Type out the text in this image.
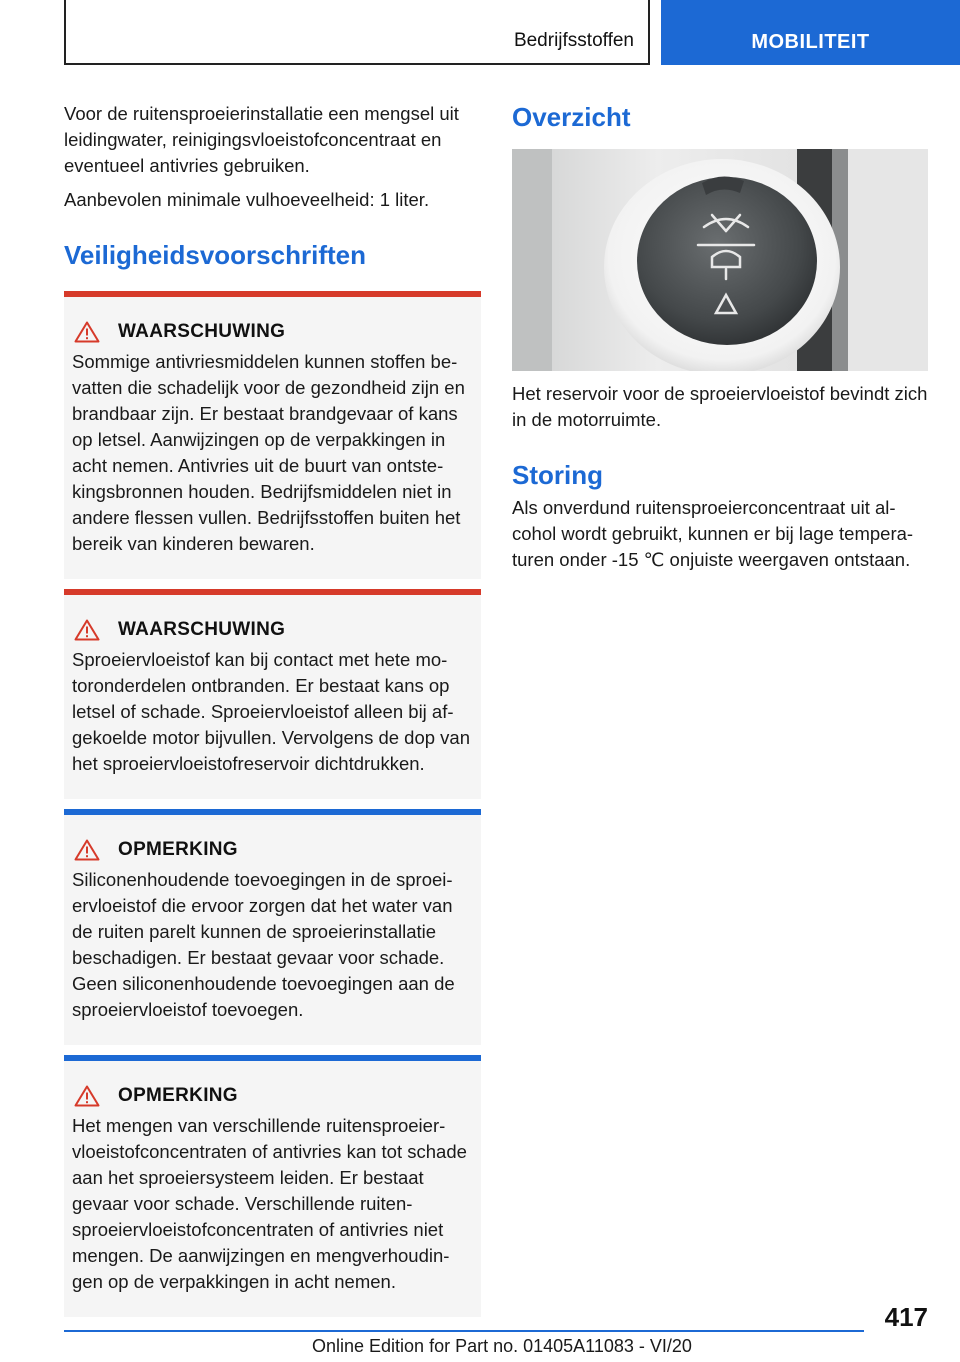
Bedrijfsstoffen	MOBILITEIT

Voor de ruitensproeierinstallatie een mengsel uit leidingwater, reinigingsvloeistofconcentraat en eventueel antivries gebruiken.

Aanbevolen minimale vulhoeveelheid: 1 liter.

Veiligheidsvoorschriften
WAARSCHUWING
Sommige antivriesmiddelen kunnen stoffen bevatten die schadelijk voor de gezondheid zijn en brandbaar zijn. Er bestaat brandgevaar of kans op letsel. Aanwijzingen op de verpakkingen in acht nemen. Antivries uit de buurt van ontstekingsbronnen houden. Bedrijfsmiddelen niet in andere flessen vullen. Bedrijfsstoffen buiten het bereik van kinderen bewaren.
WAARSCHUWING
Sproeiervloeistof kan bij contact met hete motoronderdelen ontbranden. Er bestaat kans op letsel of schade. Sproeiervloeistof alleen bij afgekoelde motor bijvullen. Vervolgens de dop van het sproeiervloeistofreservoir dichtdrukken.
OPMERKING
Siliconenhoudende toevoegingen in de sproeiervloeistof die ervoor zorgen dat het water van de ruiten parelt kunnen de sproeierinstallatie beschadigen. Er bestaat gevaar voor schade. Geen siliconenhoudende toevoegingen aan de sproeiervloeistof toevoegen.
OPMERKING
Het mengen van verschillende ruitensproeiervloeistofconcentraten of antivries kan tot schade aan het sproeiersysteem leiden. Er bestaat gevaar voor schade. Verschillende ruitensproeiervloeistofconcentraten of antivries niet mengen. De aanwijzingen en mengverhoudingen op de verpakkingen in acht nemen.
Overzicht

Het reservoir voor de sproeiervloeistof bevindt zich in de motorruimte.

Storing

Als onverdund ruitensproeierconcentraat uit alcohol wordt gebruikt, kunnen er bij lage temperaturen onder -15 ℃ onjuiste weergaven ontstaan.

417
Online Edition for Part no. 01405A11083 - VI/20
